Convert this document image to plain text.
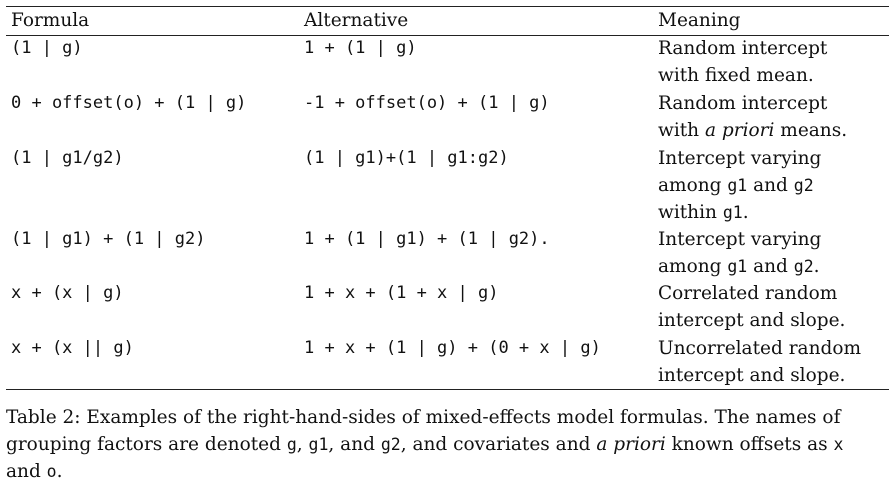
Formula	Alternative	Meaning
(1 | g)	1 + (1 | g)	Random intercept
with fixed mean.
0 + offset(o) + (1 | g)	-1 + offset(o) + (1 | g)	Random intercept
with a priori means.
(1 | g1/g2)	(1 | g1)+(1 | g1:g2)	Intercept varying
among g1 and g2
within g1.
(1 | g1) + (1 | g2)	1 + (1 | g1) + (1 | g2).	Intercept varying
among g1 and g2.
x + (x | g)	1 + x + (1 + x | g)	Correlated random
intercept and slope.
x + (x || g)	1 + x + (1 | g) + (0 + x | g)	Uncorrelated random
intercept and slope.
Table 2: Examples of the right-hand-sides of mixed-effects model formulas. The names of
grouping factors are denoted g, g1, and g2, and covariates and a priori known offsets as x
and o.
